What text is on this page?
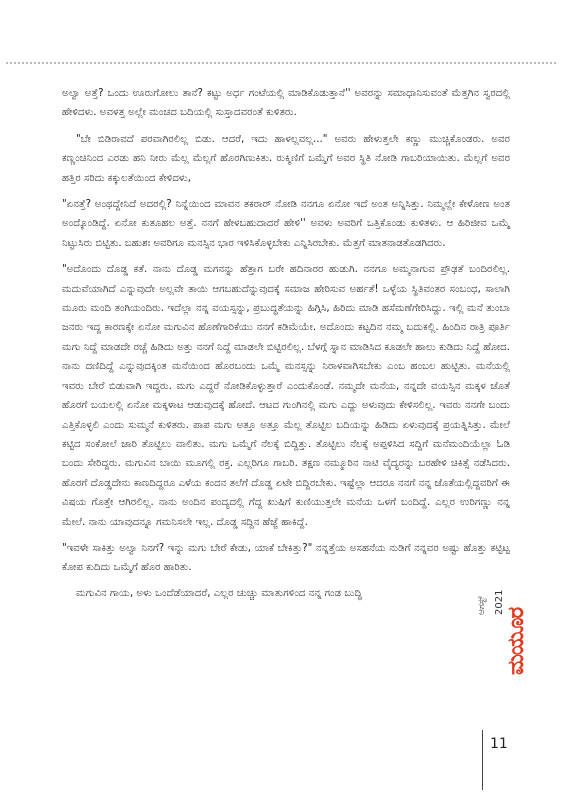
ಅಲ್ವಾ ಅತ್ತೆ? ಒಂದು ಊರುಗೋಲು ತಾನೆ? ಕಟ್ಟು ಅರ್ಧ ಗಂಟೆಯಲ್ಲಿ ಮಾಡಿಕೊಡುತ್ತಾನೆ'' ಅವರನ್ನು ಸಮಾಧಾನಿಸುವಂತೆ ಮೆತ್ತಗಿನ ಸ್ವರದಲ್ಲಿ ಹೇಳಿದಳು. ಅವಳತ್ತ ಅಲ್ಲೇ ಮಂಚದ ಬದಿಯಲ್ಲಿ ಸುಸ್ತಾದವರಂತೆ ಕುಳಿತರು.

"ಬೇ ಬಿಡಿರಾವದೆ ಪರವಾಗಿರಲಿಲ್ಲ ಬಿಡು. ಆದರೆ, ಇದು ಹಾಳಲ್ಲವಲ್ಲ..." ಅವರು ಹೇಳುತ್ತಲೇ ಕಣ್ಣು ಮುಚ್ಚಿಕೊಂಡರು. ಅವರ ಕಣ್ಣಂಚಿನಿಂದ ಎರಡು ಹನಿ ನೀರು ಮೆಲ್ಲ ಮೆಲ್ಲಗೆ ಹೊರಗಿಣುಕಿತು. ರುಕ್ಮಿಣಿಗೆ ಒಮ್ಮೆಗೆ ಅವರ ಸ್ಥಿತಿ ನೋಡಿ ಗಾಬರಿಯಾಯಿತು. ಮೆಲ್ಲಗೆ ಅವರ ಹತ್ತಿರ ಸರಿದು ಕಕ್ಕುಲತೆಯಿಂದ ಕೇಳಿದಳು,

"ಏನತ್ತೆ? ಅಂಥದ್ದೇನಿದೆ ಅದರಲ್ಲಿ? ನಿನ್ನೆಯಿಂದ ಮಾವನ ತಕರಾರ್ ನೋಡಿ ನನಗೂ ಏನೋ ಇದೆ ಅಂತ ಅನ್ನಿಸಿತ್ತು. ನಿಮ್ಮಲ್ಲೇ ಕೇಳೋಣ ಅಂತ ಅಂದ್ಕೊಂಡಿದ್ದೆ. ಏನೋ ಕುತೂಹಲ ಅತ್ತೆ. ನನಗೆ ಹೇಳಬಹುದಾದರೆ ಹೇಳಿ'' ಅವಳು ಅವರಿಗೆ ಒತ್ತಿಕೊಂಡು ಕುಳಿತಳು. ಆ ಹಿರಿಜೀವ ಒಮ್ಮೆ ನಿಟ್ಟುಸಿರು ಬಿಟ್ಟಿತು. ಬಹುಶಃ ಅವರಿಗೂ ಮನಸ್ಸಿನ ಭಾರ ಇಳಿಸಿಕೊಳ್ಳಬೇಕು ಎನ್ನಿಸಿರಬೇಕು. ಮೆತ್ತಗೆ ಮಾತನಾಡತೊಡಗಿದರು.

"ಅದೊಂದು ದೊಡ್ಡ ಕತೆ. ನಾನು ದೊಡ್ಡ ಮಗನನ್ನು ಹೆತ್ತಾಗ ಬರೇ ಹದಿನಾರರ ಹುಡುಗಿ. ನನಗೂ ಅಮ್ಮನಾಗುವ ಪ್ರೌಢತೆ ಬಂದಿರಲಿಲ್ಲ. ಮದುವೆಯಾಗಿದೆ ಎನ್ನುವುದೇ ಅಲ್ಲವೇ ತಾಯಿ ಆಗಬಹುದೆನ್ನುವುದಕ್ಕೆ ಸಮಾಜ ಹೇರಿಸುವ ಅರ್ಹತೆ! ಒಳ್ಳೆಯ ಸ್ಥಿತಿವಂತರ ಸಂಬಂಧ, ಸಾಲಾಗಿ ಮೂರು ಮಂದಿ ತಂಗಿಯಂದಿರು. ಇದೆಲ್ಲಾ ನನ್ನ ವಯಸ್ಸನ್ನು, ಪ್ರಬುದ್ಧತೆಯನ್ನು ಹಿಗ್ಗಿಸಿ, ಹಿರಿದು ಮಾಡಿ ಹಸೆಮಣೆಗೇರಿಸಿದ್ದು. ಇಲ್ಲಿ ಮನೆ ತುಂಬಾ ಜನರು ಇದ್ದ ಕಾರಣಕ್ಕೇ ಏನೋ ಮಗುವಿನ ಹೊಣೆಗಾರಿಕೆಯು ನನಗೆ ಕಡಿಮೆಯೇ. ಅದೊಂದು ಕಟ್ಟದಿನ ನಮ್ಮ ಬದುಕಲ್ಲಿ. ಹಿಂದಿನ ರಾತ್ರಿ ಪೂರ್ತಿ ಮಗು ನಿದ್ದೆ ಮಾಡದೇ ರಚ್ಚೆ ಹಿಡಿದು ಅತ್ತು ನನಗೆ ನಿದ್ದೆ ಮಾಡಲೇ ಬಿಟ್ಟಿರಲಿಲ್ಲ. ಬೆಳಗ್ಗೆ ಸ್ನಾನ ಮಾಡಿಸಿದ ಕೂಡಲೇ ಹಾಲು ಕುಡಿದು ನಿದ್ದೆ ಹೋದ. ನಾನು ದಣಿದಿದ್ದೆ ಎನ್ನುವುದಕ್ಕಿಂತ ಮನೆಯಿಂದ ಹೊರಬಂದು ಒಮ್ಮೆ ಮನಸ್ಸನ್ನು ನಿರಾಳವಾಗಿಸಬೇಕು ಎಂಬ ಹಂಬಲ ಹುಟ್ಟಿತು. ಮನೆಯಲ್ಲಿ ಇವರು ಬೇರೆ ಬಿಡುವಾಗಿ ಇದ್ದರು. ಮಗು ಎದ್ದರೆ ನೋಡಿಕೊಳ್ಳುತ್ತಾರೆ ಎಂದುಕೊಂಡೆ. ನಮ್ಮದೇ ಮನೆಯ, ನನ್ನದೇ ವಯಸ್ಸಿನ ಮಕ್ಕಳ ಜೊತೆ ಹೊರಗೆ ಬಯಲಲ್ಲಿ ಏನೋ ಮಕ್ಕಳಾಟ ಆಡುವುದಕ್ಕೆ ಹೋದೆ. ಆಟದ ಗುಂಗಿನಲ್ಲಿ ಮಗು ಎದ್ದು ಅಳುವುದು ಕೇಳಿಸಲಿಲ್ಲ. ಇವರು ನನಗೇ ಬಂದು ಎತ್ತಿಕೊಳ್ಳಲಿ ಎಂದು ಸುಮ್ಮನೆ ಕುಳಿತರು. ಪಾಪ ಮಗು ಅತ್ತೂ ಅತ್ತೂ ಮೆಲ್ಲ ತೊಟ್ಟಿಲ ಬದಿಯನ್ನು ಹಿಡಿದು ಏಳುವುದಕ್ಕೆ ಪ್ರಯತ್ನಿಸಿತ್ತು. ಮೇಲೆ ಕಟ್ಟಿದ ಸಂಕೋಲೆ ಜಾರಿ ತೊಟ್ಟಿಲು ವಾಲಿತು. ಮಗು ಒಮ್ಮೆಗೆ ನೆಲಕ್ಕೆ ಬಿದ್ದಿತ್ತು. ತೊಟ್ಟಿಲು ನೆಲಕ್ಕೆ ಅಪ್ಪಳಿಸಿದ ಸದ್ದಿಗೆ ಮನೆಮಂದಿಯೆಲ್ಲಾ ಓಡಿ ಬಂದು ಸೇರಿದ್ದರು. ಮಗುವಿನ ಬಾಯಿ ಮೂಗಲ್ಲಿ ರಕ್ತ. ಎಲ್ಲರಿಗೂ ಗಾಬರಿ. ತಕ್ಷಣ ನಮ್ಮೂರಿನ ನಾಟಿ ವೈದ್ಯರನ್ನು ಬರಹೇಳಿ ಚಿಕಿತ್ಸೆ ನಡೆಸಿದರು. ಹೊರಗೆ ದೊಡ್ಡದೇನು ಕಾಣದಿದ್ದರೂ ಎಳೆಯ ಕಂದನ ತಲೆಗೆ ದೊಡ್ಡ ಏಟೇ ಬಿದ್ದಿರಬೇಕು. ಇಷ್ಟೆಲ್ಲಾ ಆದರೂ ನನಗೆ ನನ್ನ ಜೊತೆಯಲ್ಲಿದ್ದವರಿಗೆ ಈ ವಿಷಯ ಗೊತ್ತೇ ಆಗಿರಲಿಲ್ಲ. ನಾನು ಅಂದಿನ ಪಂದ್ಯದಲ್ಲಿ ಗೆದ್ದ ಖುಷಿಗೆ ಕುಣಿಯುತ್ತಲೇ ಮನೆಯ ಒಳಗೆ ಬಂದಿದ್ದೆ. ಎಲ್ಲರ ಉರಿಗಣ್ಣು ನನ್ನ ಮೇಲೆ. ನಾನು ಯಾವುದನ್ನೂ ಗಮನಿಸಲೇ ಇಲ್ಲ. ದೊಡ್ಡ ಸದ್ದಿನ ಹೆಜ್ಜೆ ಹಾಕಿದ್ದೆ.

"ಇವಳೇ ಸಾಕಿತ್ತು ಅಲ್ವಾ ನಿನಗೆ? ಇನ್ನು ಮಗು ಬೇರೆ ಕೇಡು, ಯಾಕೆ ಬೇಕಿತ್ತು?" ನನ್ನತ್ತೆಯ ಅಸಹನೆಯ ನುಡಿಗೆ ನನ್ನವರ ಅಷ್ಟು ಹೊತ್ತು ಕಟ್ಟಿಟ್ಟ ಕೋಪ ಕುದಿದು ಒಮ್ಮೆಗೆ ಹೊರ ಹಾರಿತು.

ಮಗುವಿನ ಗಾಯ, ಅಳು ಒಂದೆಡೆಯಾದರೆ, ಎಲ್ಲರ ಚುಚ್ಚು ಮಾತುಗಳಿಂದ ನನ್ನ ಗಂಡ ಬುದ್ಧಿ

ಆಗಸ್ಟ್ 2021
ಮಯೂರ
11
